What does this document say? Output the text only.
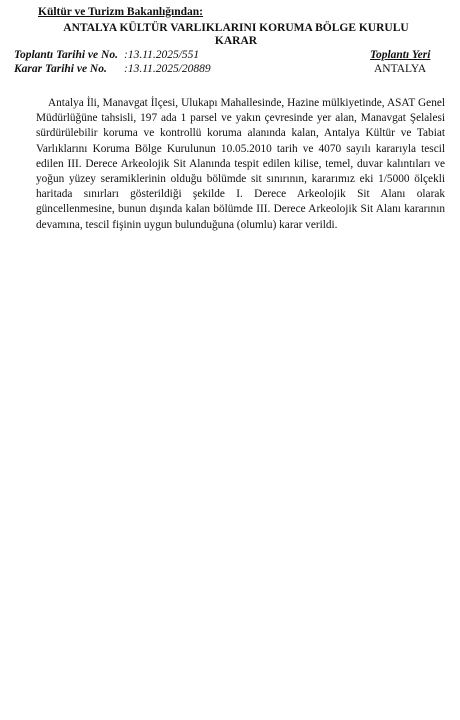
Kültür ve Turizm Bakanlığından:
ANTALYA KÜLTÜR VARLIKLARINI KORUMA BÖLGE KURULU
KARAR
Toplantı Tarihi ve No. :13.11.2025/551
Karar Tarihi ve No. :13.11.2025/20889
Toplantı Yeri
ANTALYA

Antalya İli, Manavgat İlçesi, Ulukapı Mahallesinde, Hazine mülkiyetinde, ASAT Genel Müdürlüğüne tahsisli, 197 ada 1 parsel ve yakın çevresinde yer alan, Manavgat Şelalesi sürdürülebilir koruma ve kontrollü koruma alanında kalan, Antalya Kültür ve Tabiat Varlıklarını Koruma Bölge Kurulunun 10.05.2010 tarih ve 4070 sayılı kararıyla tescil edilen III. Derece Arkeolojik Sit Alanında tespit edilen kilise, temel, duvar kalıntıları ve yoğun yüzey seramiklerinin olduğu bölümde sit sınırının, kararımız eki 1/5000 ölçekli haritada sınırları gösterildiği şekilde I. Derece Arkeolojik Sit Alanı olarak güncellenmesine, bunun dışında kalan bölümde III. Derece Arkeolojik Sit Alanı kararının devamına, tescil fişinin uygun bulunduğuna (olumlu) karar verildi.
